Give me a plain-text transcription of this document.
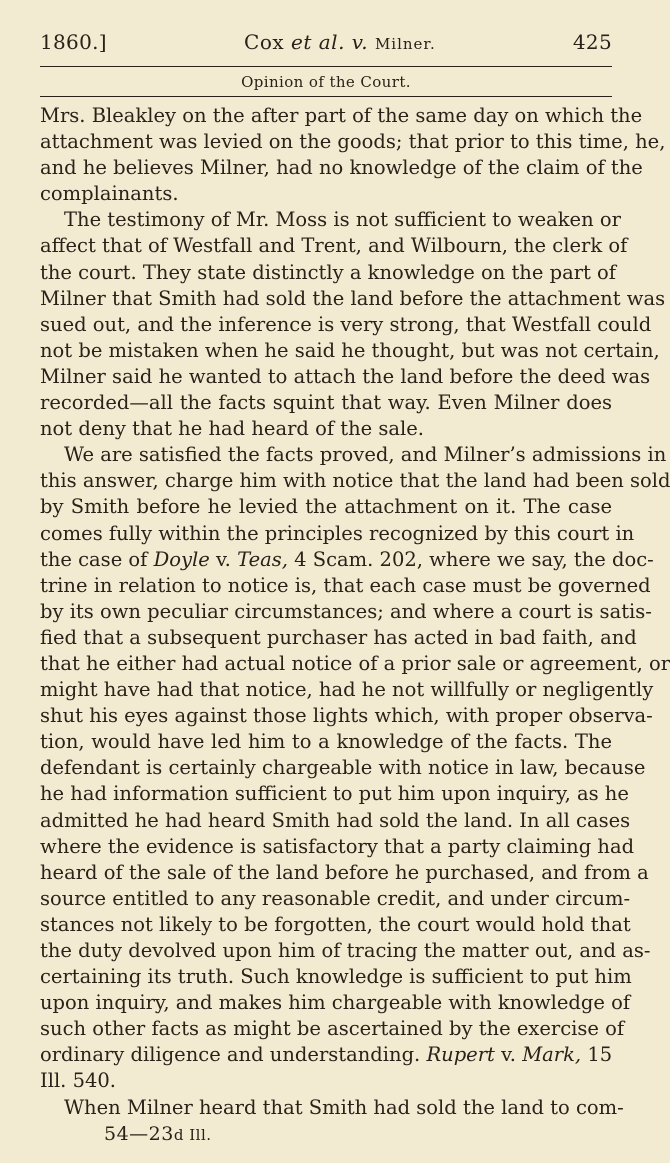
1860.]	Cox et al. v. Milner.	425
Opinion of the Court.
Mrs. Bleakley on the after part of the same day on which the
attachment was levied on the goods; that prior to this time, he,
and he believes Milner, had no knowledge of the claim of the
complainants.
The testimony of Mr. Moss is not sufficient to weaken or
affect that of Westfall and Trent, and Wilbourn, the clerk of
the court. They state distinctly a knowledge on the part of
Milner that Smith had sold the land before the attachment was
sued out, and the inference is very strong, that Westfall could
not be mistaken when he said he thought, but was not certain,
Milner said he wanted to attach the land before the deed was
recorded—all the facts squint that way. Even Milner does
not deny that he had heard of the sale.
We are satisfied the facts proved, and Milner’s admissions in
this answer, charge him with notice that the land had been sold
by Smith before he levied the attachment on it. The case
comes fully within the principles recognized by this court in
the case of Doyle v. Teas, 4 Scam. 202, where we say, the doc-
trine in relation to notice is, that each case must be governed
by its own peculiar circumstances; and where a court is satis-
fied that a subsequent purchaser has acted in bad faith, and
that he either had actual notice of a prior sale or agreement, or
might have had that notice, had he not willfully or negligently
shut his eyes against those lights which, with proper observa-
tion, would have led him to a knowledge of the facts. The
defendant is certainly chargeable with notice in law, because
he had information sufficient to put him upon inquiry, as he
admitted he had heard Smith had sold the land. In all cases
where the evidence is satisfactory that a party claiming had
heard of the sale of the land before he purchased, and from a
source entitled to any reasonable credit, and under circum-
stances not likely to be forgotten, the court would hold that
the duty devolved upon him of tracing the matter out, and as-
certaining its truth. Such knowledge is sufficient to put him
upon inquiry, and makes him chargeable with knowledge of
such other facts as might be ascertained by the exercise of
ordinary diligence and understanding. Rupert v. Mark, 15
Ill. 540.
When Milner heard that Smith had sold the land to com-
54—23d Ill.
